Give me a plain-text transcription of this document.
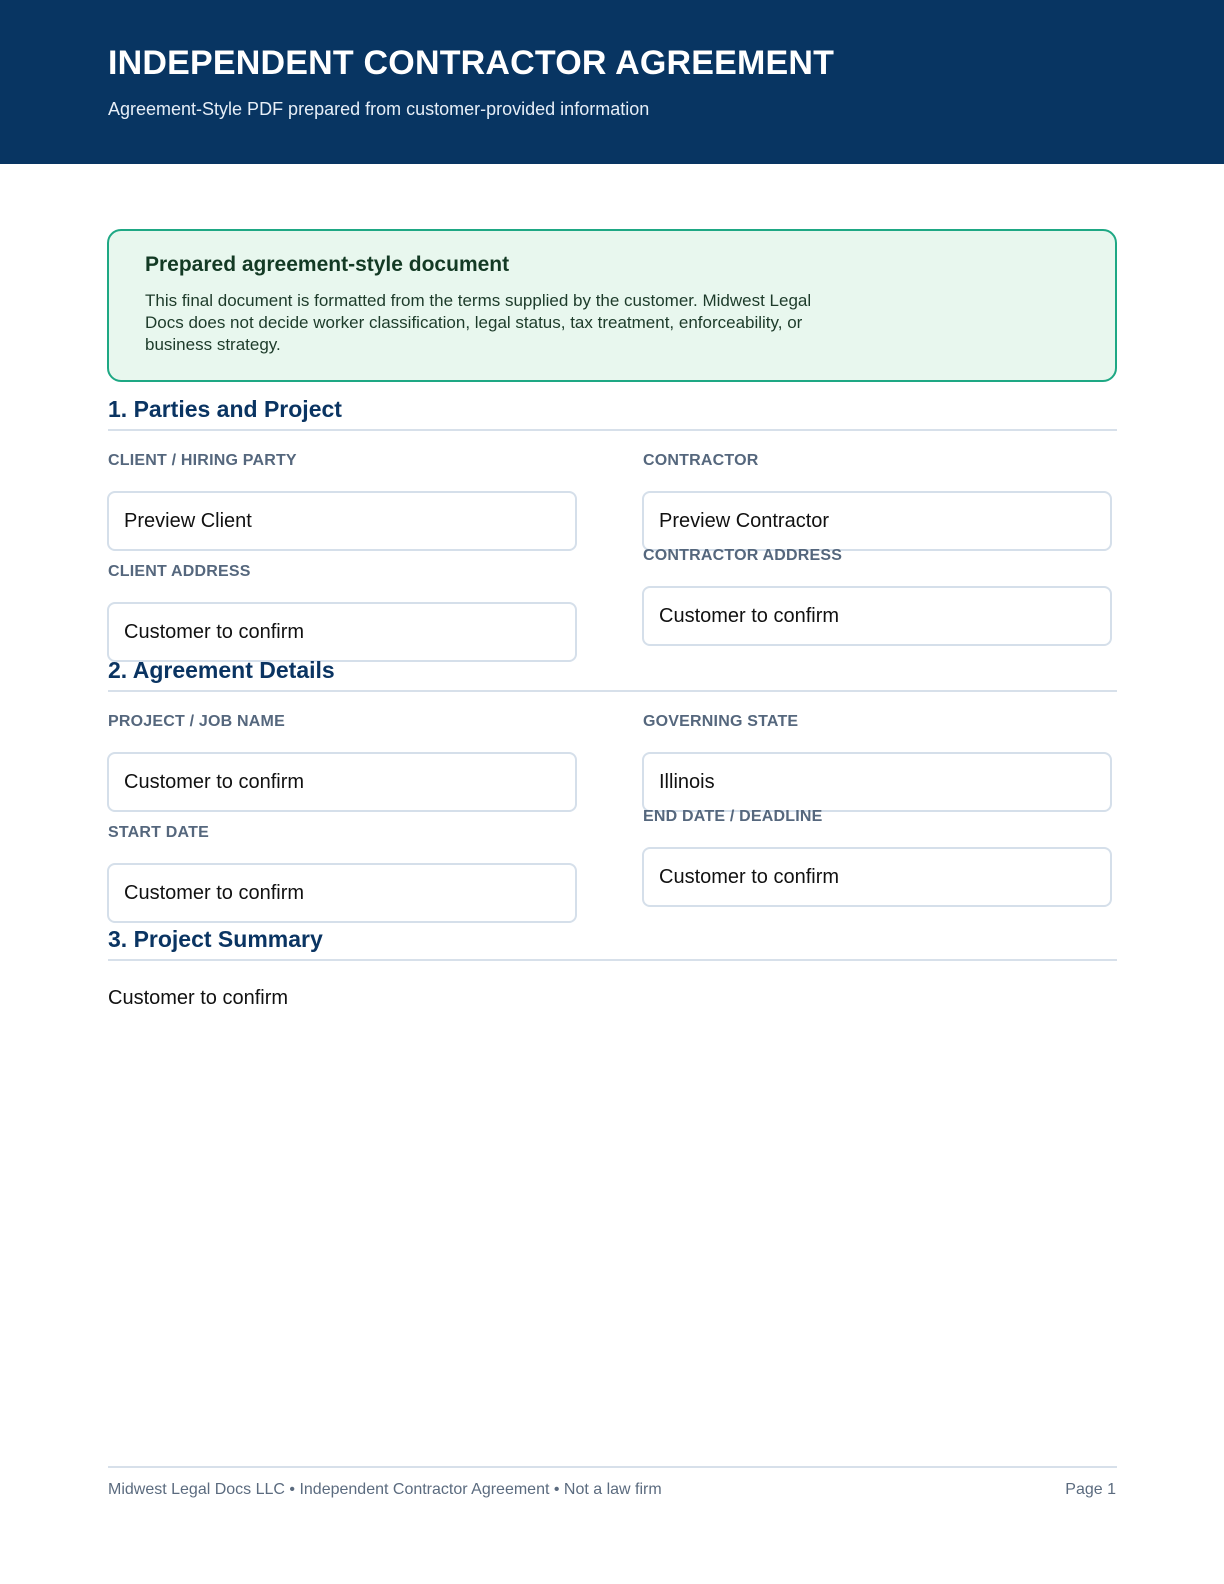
INDEPENDENT CONTRACTOR AGREEMENT
Agreement-Style PDF prepared from customer-provided information
Prepared agreement-style document
This final document is formatted from the terms supplied by the customer. Midwest Legal Docs does not decide worker classification, legal status, tax treatment, enforceability, or business strategy.
1. Parties and Project
CLIENT / HIRING PARTY
Preview Client
CONTRACTOR
Preview Contractor
CLIENT ADDRESS
Customer to confirm
CONTRACTOR ADDRESS
Customer to confirm
2. Agreement Details
PROJECT / JOB NAME
Customer to confirm
GOVERNING STATE
Illinois
START DATE
Customer to confirm
END DATE / DEADLINE
Customer to confirm
3. Project Summary
Customer to confirm
Midwest Legal Docs LLC • Independent Contractor Agreement • Not a law firm	Page 1
